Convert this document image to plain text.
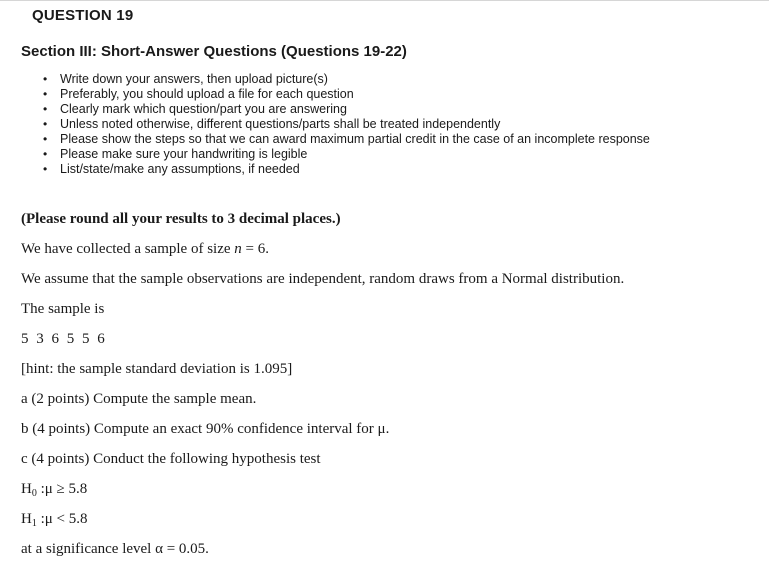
QUESTION 19
Section III: Short-Answer Questions (Questions 19-22)
• Write down your answers, then upload picture(s)
• Preferably, you should upload a file for each question
• Clearly mark which question/part you are answering
• Unless noted otherwise, different questions/parts shall be treated independently
• Please show the steps so that we can award maximum partial credit in the case of an incomplete response
• Please make sure your handwriting is legible
• List/state/make any assumptions, if needed
(Please round all your results to 3 decimal places.)
We have collected a sample of size n = 6.
We assume that the sample observations are independent, random draws from a Normal distribution.
The sample is
5 3 6 5 5 6
[hint: the sample standard deviation is 1.095]
a (2 points) Compute the sample mean.
b (4 points) Compute an exact 90% confidence interval for μ.
c (4 points) Conduct the following hypothesis test
$H_0$ :μ ≥ 5.8
$H_1$ :μ < 5.8
at a significance level α = 0.05.
